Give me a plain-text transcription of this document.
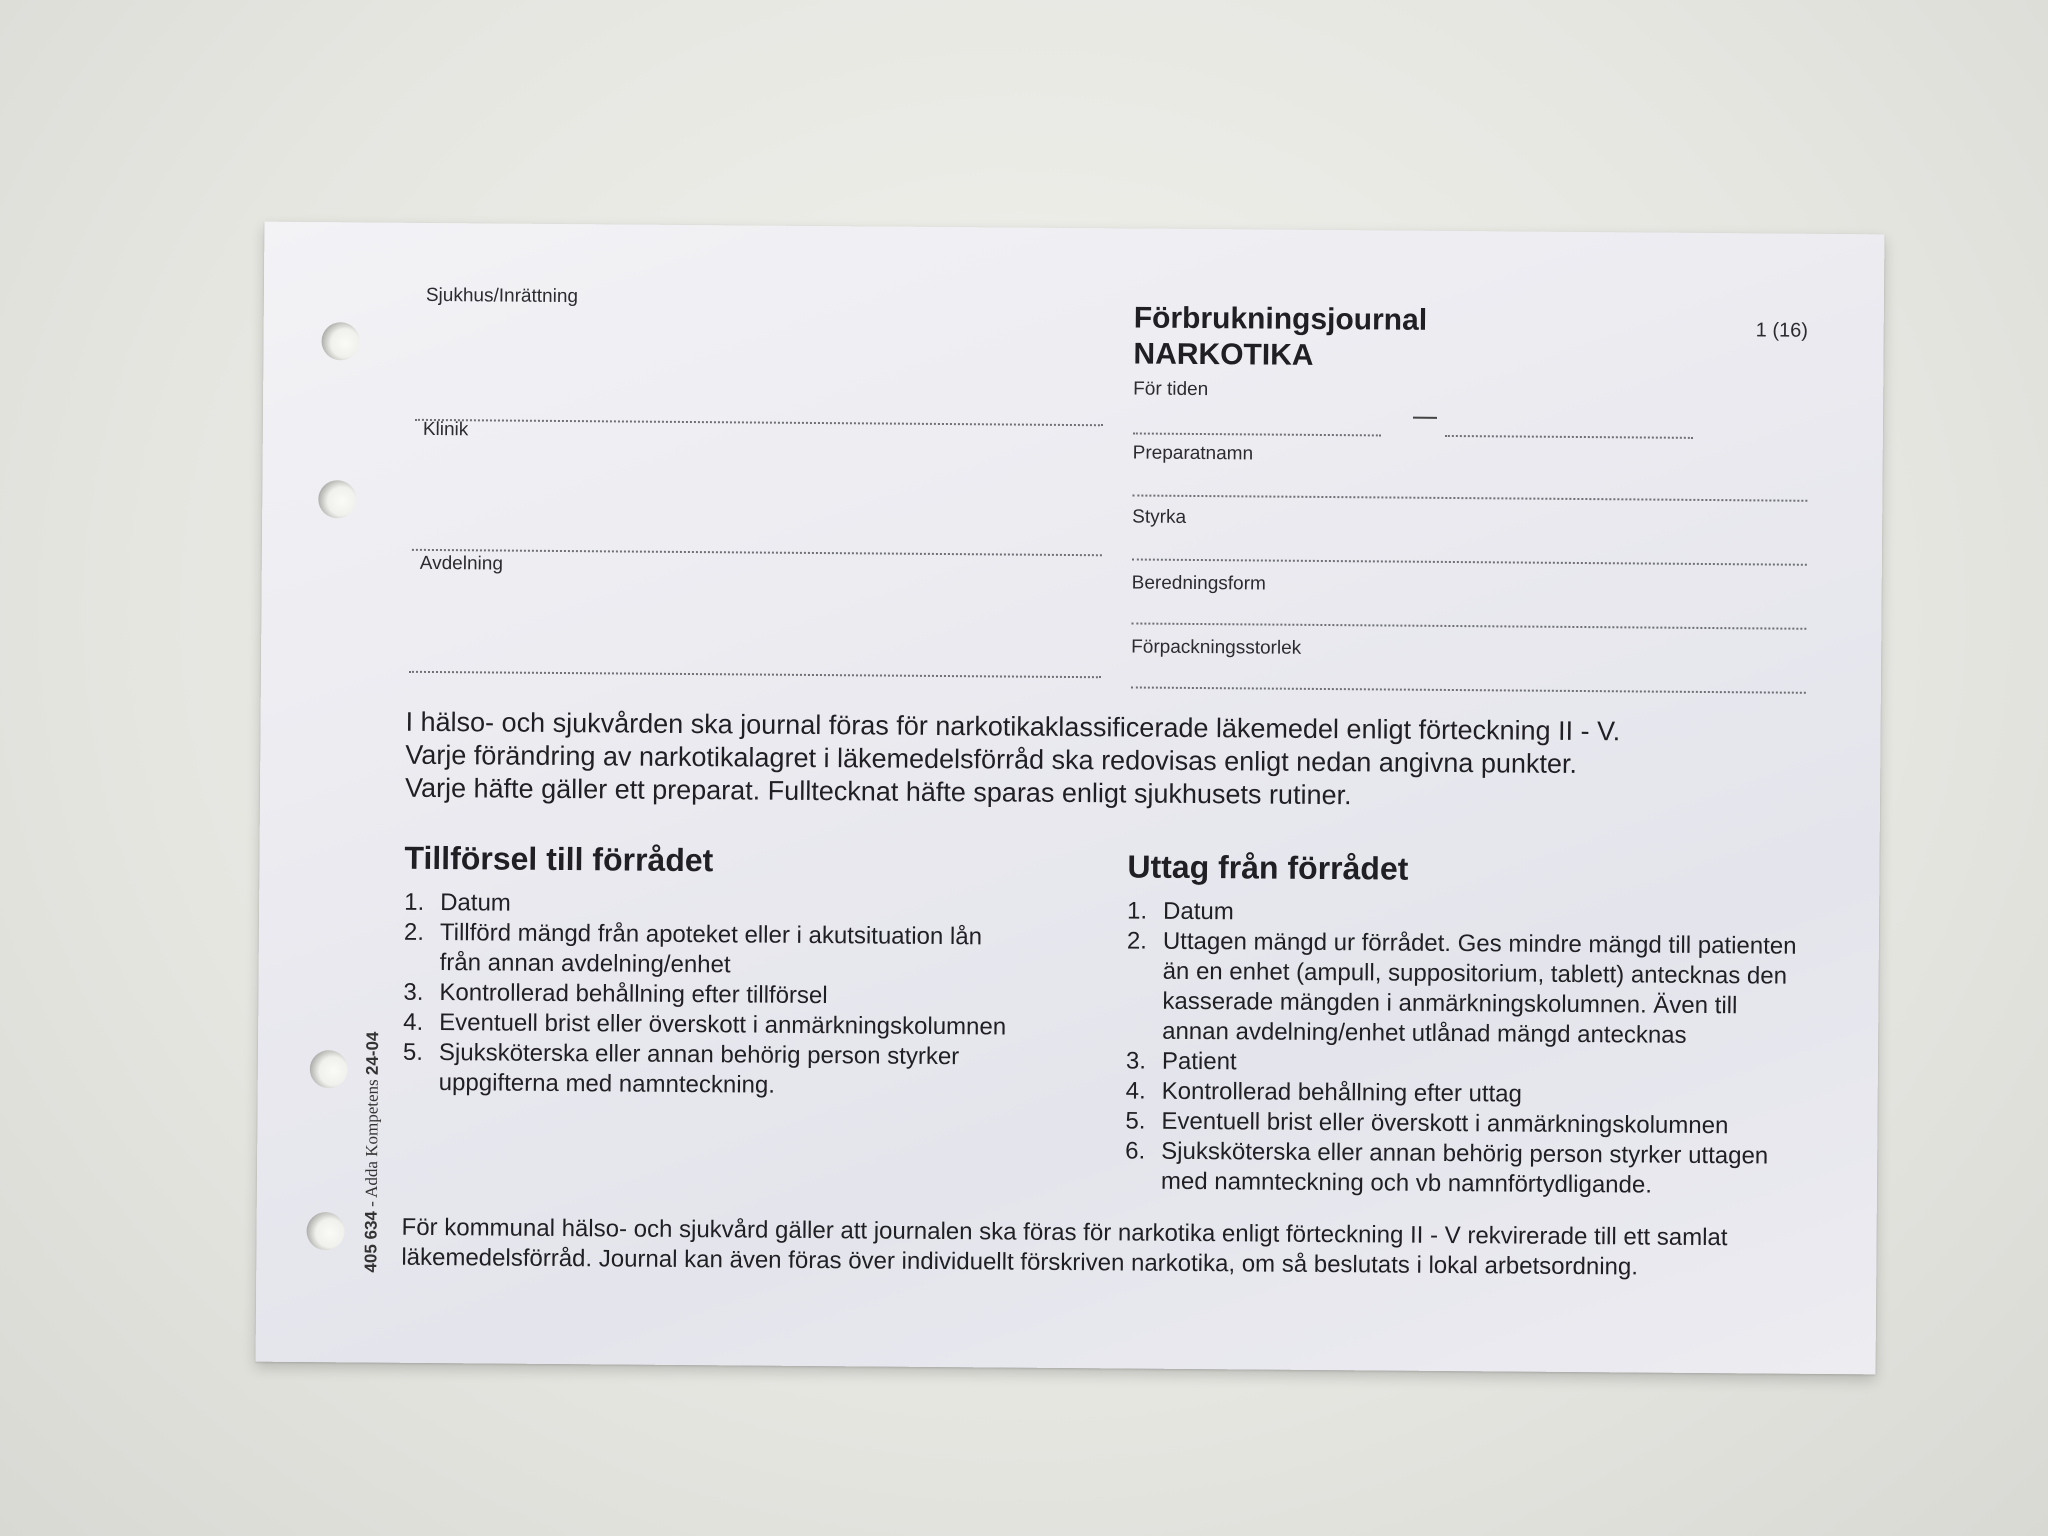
Sjukhus/Inrättning
Klinik
Avdelning
Förbrukningsjournal
NARKOTIKA
1 (16)
För tiden
Preparatnamn
Styrka
Beredningsform
Förpackningsstorlek
I hälso- och sjukvården ska journal föras för narkotikaklassificerade läkemedel enligt förteckning II - V.
Varje förändring av narkotikalagret i läkemedelsförråd ska redovisas enligt nedan angivna punkter.
Varje häfte gäller ett preparat. Fulltecknat häfte sparas enligt sjukhusets rutiner.
Tillförsel till förrådet
1. Datum
2. Tillförd mängd från apoteket eller i akutsituation lån
från annan avdelning/enhet
3. Kontrollerad behållning efter tillförsel
4. Eventuell brist eller överskott i anmärkningskolumnen
5. Sjuksköterska eller annan behörig person styrker
uppgifterna med namnteckning.
Uttag från förrådet
1. Datum
2. Uttagen mängd ur förrådet. Ges mindre mängd till patienten
än en enhet (ampull, suppositorium, tablett) antecknas den
kasserade mängden i anmärkningskolumnen. Även till
annan avdelning/enhet utlånad mängd antecknas
3. Patient
4. Kontrollerad behållning efter uttag
5. Eventuell brist eller överskott i anmärkningskolumnen
6. Sjuksköterska eller annan behörig person styrker uttagen
med namnteckning och vb namnförtydligande.
För kommunal hälso- och sjukvård gäller att journalen ska föras för narkotika enligt förteckning II - V rekvirerade till ett samlat
läkemedelsförråd. Journal kan även föras över individuellt förskriven narkotika, om så beslutats i lokal arbetsordning.
405 634 - Adda Kompetens 24-04
